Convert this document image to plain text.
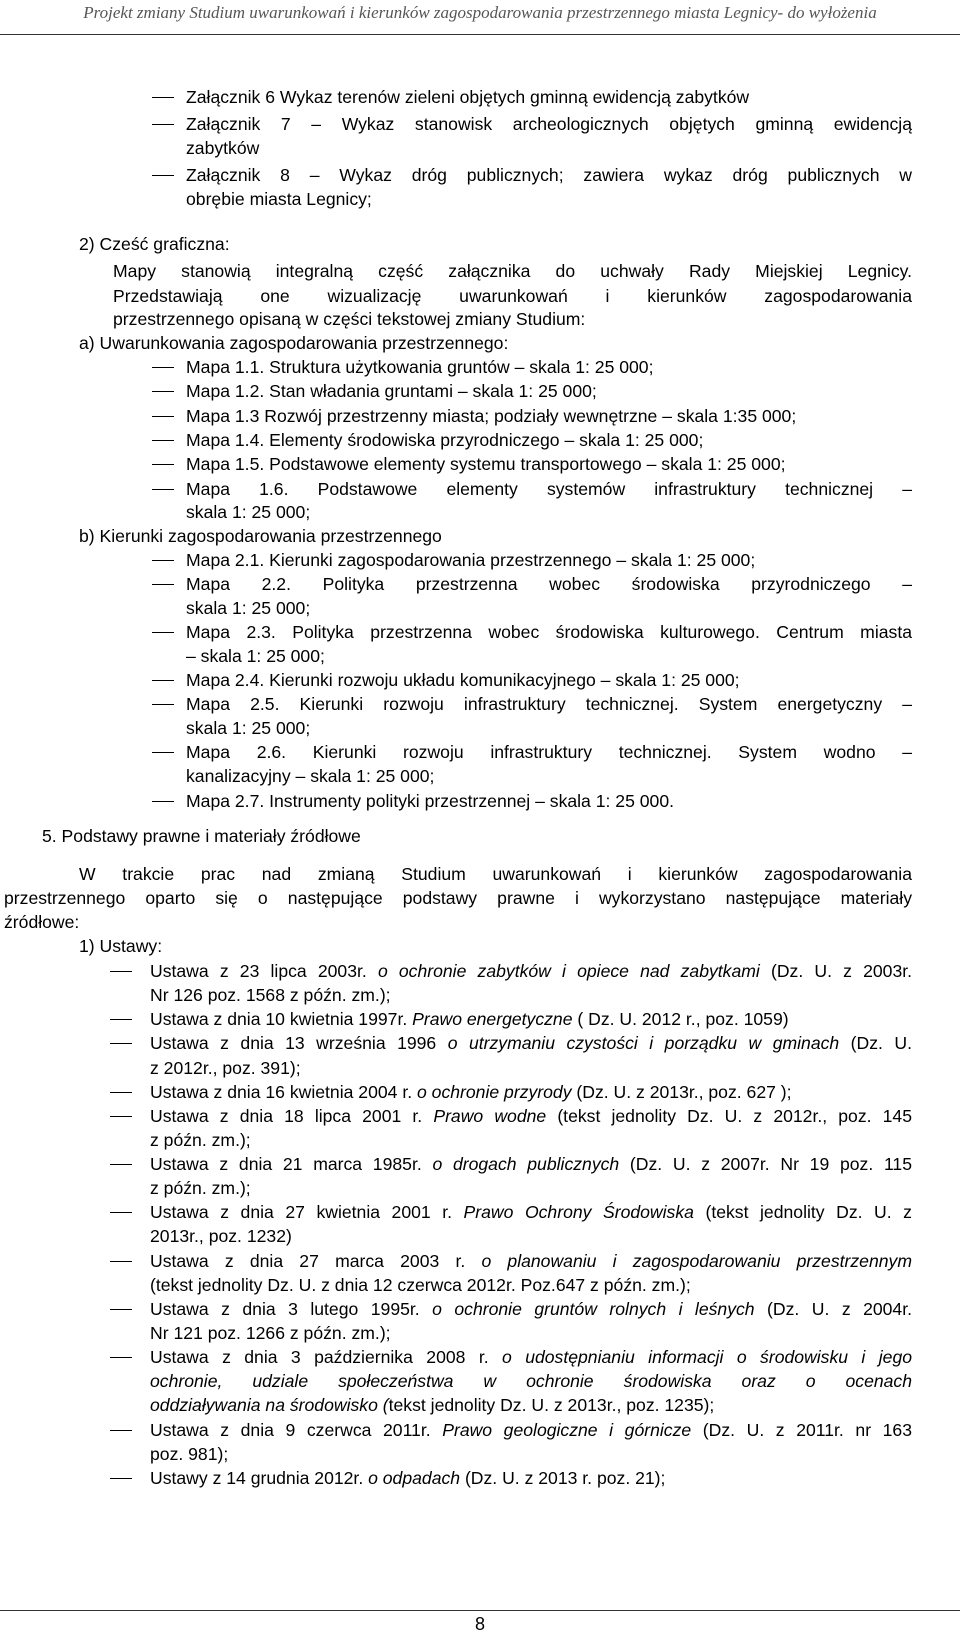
Projekt zmiany Studium uwarunkowań i kierunków zagospodarowania przestrzennego miasta Legnicy- do wyłożenia
Załącznik 6 Wykaz terenów zieleni objętych gminną ewidencją zabytków
Załącznik 7 – Wykaz stanowisk archeologicznych objętych gminną ewidencją
zabytków
Załącznik 8 – Wykaz dróg publicznych; zawiera wykaz dróg publicznych w
obrębie miasta Legnicy;
2) Cześć graficzna:
Mapy stanowią integralną część załącznika do uchwały Rady Miejskiej Legnicy.
Przedstawiają one wizualizację uwarunkowań i kierunków zagospodarowania
przestrzennego opisaną w części tekstowej zmiany Studium:
a) Uwarunkowania zagospodarowania przestrzennego:
Mapa 1.1. Struktura użytkowania gruntów – skala 1: 25 000;
Mapa 1.2. Stan władania gruntami – skala 1: 25 000;
Mapa 1.3 Rozwój przestrzenny miasta; podziały wewnętrzne – skala 1:35 000;
Mapa 1.4. Elementy środowiska przyrodniczego – skala 1: 25 000;
Mapa 1.5. Podstawowe elementy systemu transportowego – skala 1: 25 000;
Mapa 1.6. Podstawowe elementy systemów infrastruktury technicznej –
skala 1: 25 000;
b) Kierunki zagospodarowania przestrzennego
Mapa 2.1. Kierunki zagospodarowania przestrzennego – skala 1: 25 000;
Mapa 2.2. Polityka przestrzenna wobec środowiska przyrodniczego –
skala 1: 25 000;
Mapa 2.3. Polityka przestrzenna wobec środowiska kulturowego. Centrum miasta
– skala 1: 25 000;
Mapa 2.4. Kierunki rozwoju układu komunikacyjnego – skala 1: 25 000;
Mapa 2.5. Kierunki rozwoju infrastruktury technicznej. System energetyczny –
skala 1: 25 000;
Mapa 2.6. Kierunki rozwoju infrastruktury technicznej. System wodno –
kanalizacyjny – skala 1: 25 000;
Mapa 2.7. Instrumenty polityki przestrzennej – skala 1: 25 000.
5. Podstawy prawne i materiały źródłowe
W trakcie prac nad zmianą Studium uwarunkowań i kierunków zagospodarowania
przestrzennego oparto się o następujące podstawy prawne i wykorzystano następujące materiały
źródłowe:
1) Ustawy:
Ustawa z 23 lipca 2003r. o ochronie zabytków i opiece nad zabytkami (Dz. U. z 2003r.
Nr 126 poz. 1568 z późn. zm.);
Ustawa z dnia 10 kwietnia 1997r. Prawo energetyczne ( Dz. U. 2012 r., poz. 1059)
Ustawa z dnia 13 września 1996 o utrzymaniu czystości i porządku w gminach (Dz. U.
z 2012r., poz. 391);
Ustawa z dnia 16 kwietnia 2004 r. o ochronie przyrody (Dz. U. z 2013r., poz. 627 );
Ustawa z dnia 18 lipca 2001 r. Prawo wodne (tekst jednolity Dz. U. z 2012r., poz. 145
z późn. zm.);
Ustawa z dnia 21 marca 1985r. o drogach publicznych (Dz. U. z 2007r. Nr 19 poz. 115
z późn. zm.);
Ustawa z dnia 27 kwietnia 2001 r. Prawo Ochrony Środowiska (tekst jednolity Dz. U. z
2013r., poz. 1232)
Ustawa z dnia 27 marca 2003 r. o planowaniu i zagospodarowaniu przestrzennym
(tekst jednolity Dz. U. z dnia 12 czerwca 2012r. Poz.647 z późn. zm.);
Ustawa z dnia 3 lutego 1995r. o ochronie gruntów rolnych i leśnych (Dz. U. z 2004r.
Nr 121 poz. 1266 z późn. zm.);
Ustawa z dnia 3 października 2008 r. o udostępnianiu informacji o środowisku i jego
ochronie, udziale społeczeństwa w ochronie środowiska oraz o ocenach
oddziaływania na środowisko (tekst jednolity Dz. U. z 2013r., poz. 1235);
Ustawa z dnia 9 czerwca 2011r. Prawo geologiczne i górnicze (Dz. U. z 2011r. nr 163
poz. 981);
Ustawy z 14 grudnia 2012r. o odpadach (Dz. U. z 2013 r. poz. 21);
8
